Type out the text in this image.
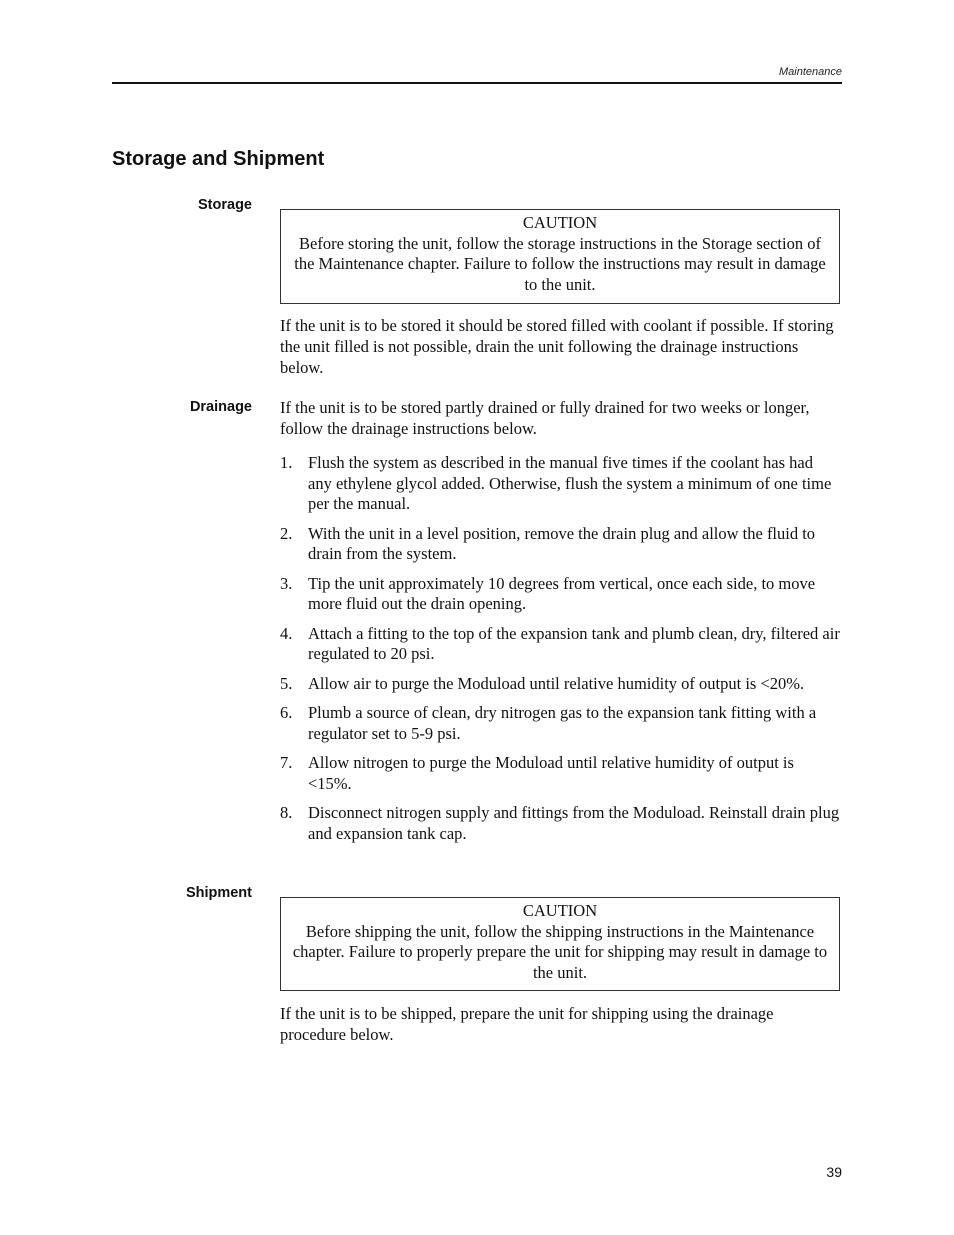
Maintenance
Storage and Shipment
Storage
CAUTION
Before storing the unit, follow the storage instructions in the Storage section of the Maintenance chapter. Failure to follow the instructions may result in damage to the unit.

If the unit is to be stored it should be stored filled with coolant if possible. If storing the unit filled is not possible, drain the unit following the drainage instructions below.

Drainage If the unit is to be stored partly drained or fully drained for two weeks or longer, follow the drainage instructions below.

1. Flush the system as described in the manual five times if the coolant has had any ethylene glycol added. Otherwise, flush the system a minimum of one time per the manual.
2. With the unit in a level position, remove the drain plug and allow the fluid to drain from the system.
3. Tip the unit approximately 10 degrees from vertical, once each side, to move more fluid out the drain opening.
4. Attach a fitting to the top of the expansion tank and plumb clean, dry, filtered air regulated to 20 psi.
5. Allow air to purge the Moduload until relative humidity of output is <20%.
6. Plumb a source of clean, dry nitrogen gas to the expansion tank fitting with a regulator set to 5-9 psi.
7. Allow nitrogen to purge the Moduload until relative humidity of output is <15%.
8. Disconnect nitrogen supply and fittings from the Moduload. Reinstall drain plug and expansion tank cap.
Shipment
CAUTION
Before shipping the unit, follow the shipping instructions in the Maintenance chapter. Failure to properly prepare the unit for shipping may result in damage to the unit.

If the unit is to be shipped, prepare the unit for shipping using the drainage procedure below.

39
